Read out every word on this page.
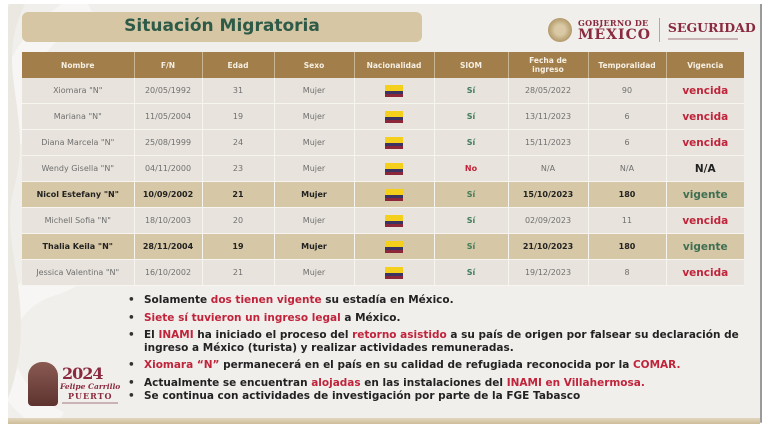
Situación Migratoria	GOBIERNO DE
MÉXICO SEGURIDAD
Nombre	F/N	Edad	Sexo	Nacionalidad	SIOM	Fecha de ingreso	Temporalidad	Vigencia
Xiomara "N"	20/05/1992	31	Mujer		Sí	28/05/2022	90	vencida
Mariana "N"	11/05/2004	19	Mujer		Sí	13/11/2023	6	vencida
Diana Marcela "N"	25/08/1999	24	Mujer		Sí	15/11/2023	6	vencida
Wendy Gisella "N"	04/11/2000	23	Mujer		No	N/A	N/A	N/A
Nicol Estefany "N"	10/09/2002	21	Mujer		Sí	15/10/2023	180	vigente
Michell Sofia "N"	18/10/2003	20	Mujer		Sí	02/09/2023	11	vencida
Thalia Keila "N"	28/11/2004	19	Mujer		Sí	21/10/2023	180	vigente
Jessica Valentina "N"	16/10/2002	21	Mujer		Sí	19/12/2023	8	vencida
• Solamente dos tienen vigente su estadía en México.
• Siete sí tuvieron un ingreso legal a México.
• El INAMI ha iniciado el proceso del retorno asistido a su país de origen por falsear su declaración de ingreso a México (turista) y realizar actividades remuneradas.
• Xiomara “N” permanecerá en el país en su calidad de refugiada reconocida por la COMAR.
• Actualmente se encuentran alojadas en las instalaciones del INAMI en Villahermosa.
• Se continua con actividades de investigación por parte de la FGE Tabasco
2024
Felipe Carrillo
PUERTO
